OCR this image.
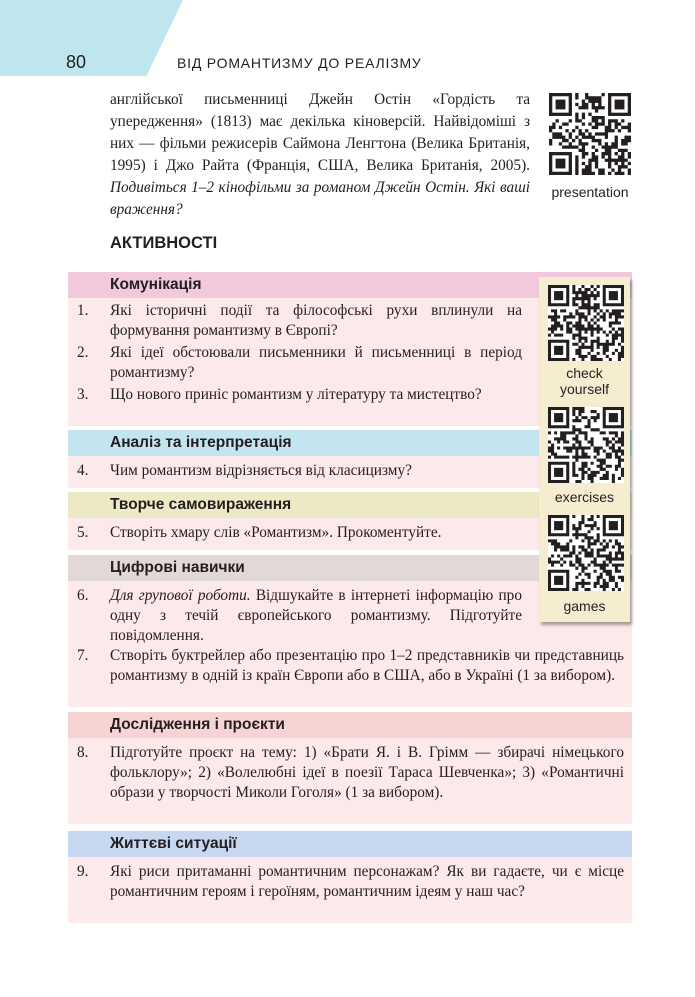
80	ВІД РОМАНТИЗМУ ДО РЕАЛІЗМУ
англійської письменниці Джейн Остін «Гордість та упередження» (1813) має декілька кіноверсій. Найвідоміші з них — фільми режисерів Саймона Ленгтона (Велика Британія, 1995) і Джо Райта (Франція, США, Велика Британія, 2005). Подивіться 1–2 кінофільми за романом Джейн Остін. Які ваші враження?
presentation
АКТИВНОСТІ
Комунікація
1. Які історичні події та філософські рухи вплинули на формування романтизму в Європі?
2. Які ідеї обстоювали письменники й письменниці в період романтизму?
3. Що нового приніс романтизм у літературу та мистецтво?
Аналіз та інтерпретація
4. Чим романтизм відрізняється від класицизму?
Творче самовираження
5. Створіть хмару слів «Романтизм». Прокоментуйте.
Цифрові навички
6. Для групової роботи. Відшукайте в інтернеті інформацію про одну з течій європейського романтизму. Підготуйте повідомлення.
7. Створіть буктрейлер або презентацію про 1–2 представників чи представниць романтизму в одній із країн Європи або в США, або в Україні (1 за вибором).
Дослідження і проєкти
8. Підготуйте проєкт на тему: 1) «Брати Я. і В. Грімм — збирачі німецького фольклору»; 2) «Волелюбні ідеї в поезії Тараса Шевченка»; 3) «Романтичні образи у творчості Миколи Гоголя» (1 за вибором).
Життєві ситуації
9. Які риси притаманні романтичним персонажам? Як ви гадаєте, чи є місце романтичним героям і героїням, романтичним ідеям у наш час?
check
yourself
exercises
games
